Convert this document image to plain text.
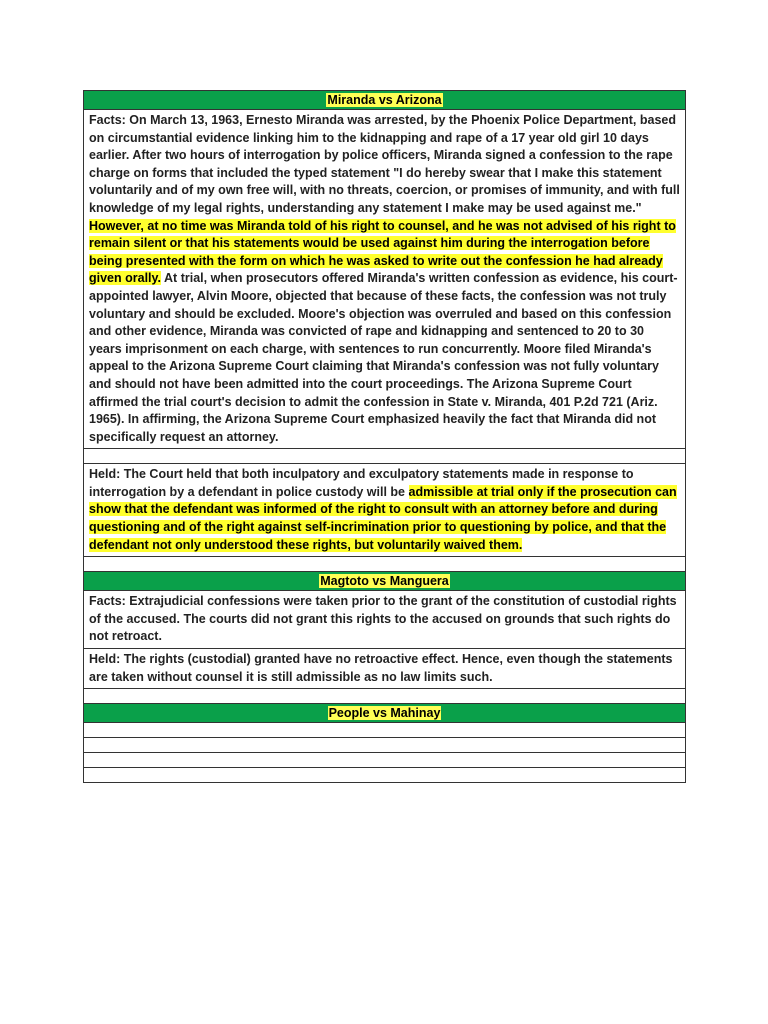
Miranda vs Arizona
Facts: On March 13, 1963, Ernesto Miranda was arrested, by the Phoenix Police Department, based on circumstantial evidence linking him to the kidnapping and rape of a 17 year old girl 10 days earlier. After two hours of interrogation by police officers, Miranda signed a confession to the rape charge on forms that included the typed statement "I do hereby swear that I make this statement voluntarily and of my own free will, with no threats, coercion, or promises of immunity, and with full knowledge of my legal rights, understanding any statement I make may be used against me." However, at no time was Miranda told of his right to counsel, and he was not advised of his right to remain silent or that his statements would be used against him during the interrogation before being presented with the form on which he was asked to write out the confession he had already given orally. At trial, when prosecutors offered Miranda's written confession as evidence, his court-appointed lawyer, Alvin Moore, objected that because of these facts, the confession was not truly voluntary and should be excluded. Moore's objection was overruled and based on this confession and other evidence, Miranda was convicted of rape and kidnapping and sentenced to 20 to 30 years imprisonment on each charge, with sentences to run concurrently. Moore filed Miranda's appeal to the Arizona Supreme Court claiming that Miranda's confession was not fully voluntary and should not have been admitted into the court proceedings. The Arizona Supreme Court affirmed the trial court's decision to admit the confession in State v. Miranda, 401 P.2d 721 (Ariz. 1965). In affirming, the Arizona Supreme Court emphasized heavily the fact that Miranda did not specifically request an attorney.

Held: The Court held that both inculpatory and exculpatory statements made in response to interrogation by a defendant in police custody will be admissible at trial only if the prosecution can show that the defendant was informed of the right to consult with an attorney before and during questioning and of the right against self-incrimination prior to questioning by police, and that the defendant not only understood these rights, but voluntarily waived them.

Magtoto vs Manguera
Facts: Extrajudicial confessions were taken prior to the grant of the constitution of custodial rights of the accused. The courts did not grant this rights to the accused on grounds that such rights do not retroact.
Held: The rights (custodial) granted have no retroactive effect. Hence, even though the statements are taken without counsel it is still admissible as no law limits such.

People vs Mahinay
